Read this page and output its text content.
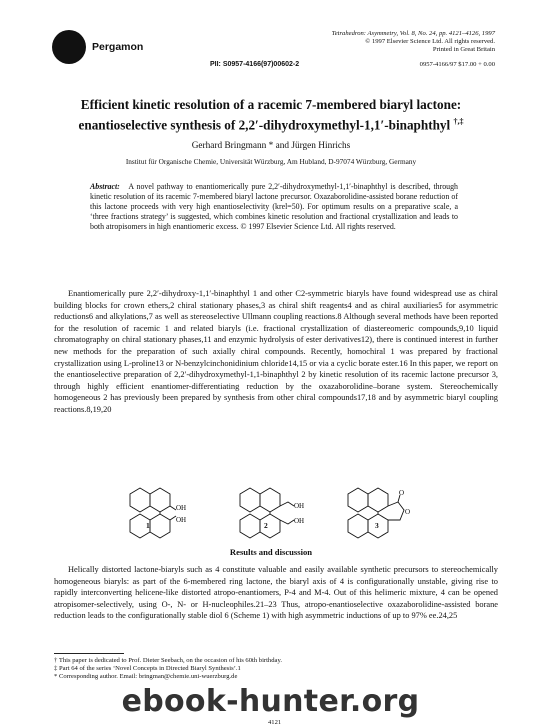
Pergamon
Tetrahedron: Asymmetry, Vol. 8, No. 24, pp. 4121–4126, 1997
© 1997 Elsevier Science Ltd. All rights reserved.
Printed in Great Britain
PII: S0957-4166(97)00602-2	0957-4166/97 $17.00 + 0.00
Efficient kinetic resolution of a racemic 7-membered biaryl lactone:
enantioselective synthesis of 2,2′-dihydroxymethyl-1,1′-binaphthyl †,‡
Gerhard Bringmann * and Jürgen Hinrichs
Institut für Organische Chemie, Universität Würzburg, Am Hubland, D-97074 Würzburg, Germany
Abstract: A novel pathway to enantiomerically pure 2,2′-dihydroxymethyl-1,1′-binaphthyl is described, through kinetic resolution of its racemic 7-membered biaryl lactone precursor. Oxazaborolidine-assisted borane reduction of this lactone proceeds with very high enantioselectivity (krel=50). For optimum results on a preparative scale, a ‘three fractions strategy’ is suggested, which combines kinetic resolution and fractional crystallization and leads to both atropisomers in high enantiomeric excess. © 1997 Elsevier Science Ltd. All rights reserved.
Enantiomerically pure 2,2′-dihydroxy-1,1′-binaphthyl 1 and other C2-symmetric biaryls have found widespread use as chiral building blocks for crown ethers,2 chiral stationary phases,3 as chiral shift reagents4 and as chiral auxiliaries5 for asymmetric reductions6 and alkylations,7 as well as stereoselective Ullmann coupling reactions.8 Although several methods have been reported for the resolution of racemic 1 and related biaryls (i.e. fractional crystallization of diastereomeric compounds,9,10 liquid chromatography on chiral stationary phases,11 and enzymic hydrolysis of ester derivatives12), there is continued interest in further new methods for the preparation of such axially chiral compounds. Recently, homochiral 1 was prepared by fractional crystallization using L-proline13 or N-benzylcinchonidinium chloride14,15 or via a cyclic borate ester.16 In this paper, we report on the enantioselective preparation of 2,2′-dihydroxymethyl-1,1-binaphthyl 2 by kinetic resolution of its racemic lactone precursor 3, through highly efficient enantiomer-differentiating reduction by the oxazaborolidine–borane system. Stereochemically homogeneous 2 has previously been prepared by synthesis from other chiral compounds17,18 and by asymmetric biaryl coupling reactions.8,19,20
OH
OH
OH
OH
O
O
1	2	3
Results and discussion
Helically distorted lactone-biaryls such as 4 constitute valuable and easily available synthetic precursors to stereochemically homogeneous biaryls: as part of the 6-membered ring lactone, the biaryl axis of 4 is configurationally unstable, giving rise to rapidly interconverting helicene-like distorted atropo-enantiomers, P-4 and M-4. Out of this helimeric mixture, 4 can be opened atropisomer-selectively, using O-, N- or H-nucleophiles.21–23 Thus, atropo-enantioselective oxazaborolidine-assisted borane reduction leads to the configurationally stable diol 6 (Scheme 1) with high asymmetric inductions of up to 97% ee.24,25
† This paper is dedicated to Prof. Dieter Seebach, on the occasion of his 60th birthday.
‡ Part 64 of the series ‘Novel Concepts in Directed Biaryl Synthesis’.1
* Corresponding author. Email: bringman@chemie.uni-wuerzburg.de
ebook-hunter.org
4121
